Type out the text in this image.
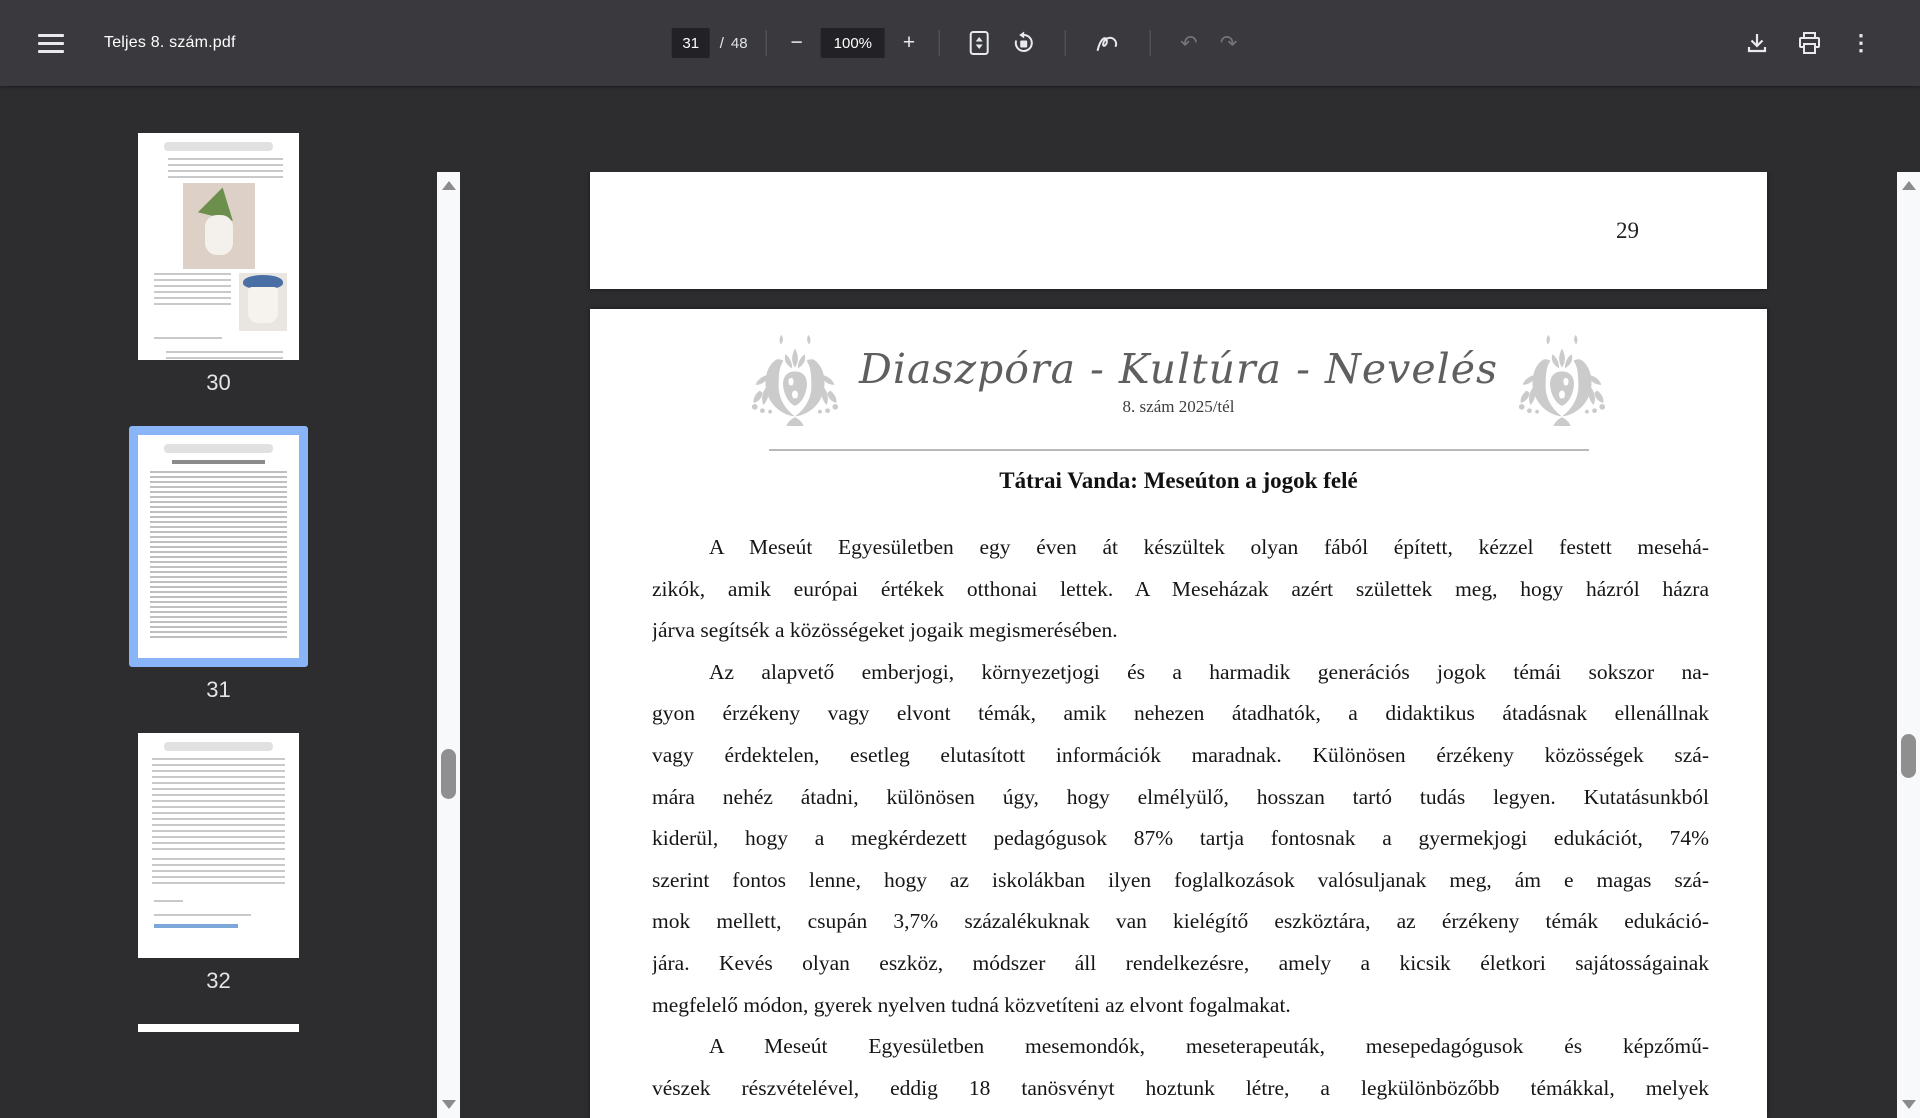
Teljes 8. szám.pdf
31	/ 48 −	100%	+	↶	↷	⋮
30
31
32
29
Diaszpóra - Kultúra - Nevelés
8. szám 2025/tél
Tátrai Vanda: Meseúton a jogok felé
A Meseút Egyesületben egy éven át készültek olyan fából épített, kézzel festett mesehá-
zikók, amik európai értékek otthonai lettek. A Meseházak azért születtek meg, hogy házról házra
járva segítsék a közösségeket jogaik megismerésében.
Az alapvető emberjogi, környezetjogi és a harmadik generációs jogok témái sokszor na-
gyon érzékeny vagy elvont témák, amik nehezen átadhatók, a didaktikus átadásnak ellenállnak
vagy érdektelen, esetleg elutasított információk maradnak. Különösen érzékeny közösségek szá-
mára nehéz átadni, különösen úgy, hogy elmélyülő, hosszan tartó tudás legyen. Kutatásunkból
kiderül, hogy a megkérdezett pedagógusok 87% tartja fontosnak a gyermekjogi edukációt, 74%
szerint fontos lenne, hogy az iskolákban ilyen foglalkozások valósuljanak meg, ám e magas szá-
mok mellett, csupán 3,7% százalékuknak van kielégítő eszköztára, az érzékeny témák edukáció-
jára. Kevés olyan eszköz, módszer áll rendelkezésre, amely a kicsik életkori sajátosságainak
megfelelő módon, gyerek nyelven tudná közvetíteni az elvont fogalmakat.
A Meseút Egyesületben mesemondók, meseterapeuták, mesepedagógusok és képzőmű-
vészek részvételével, eddig 18 tanösvényt hoztunk létre, a legkülönbözőbb témákkal, melyek
